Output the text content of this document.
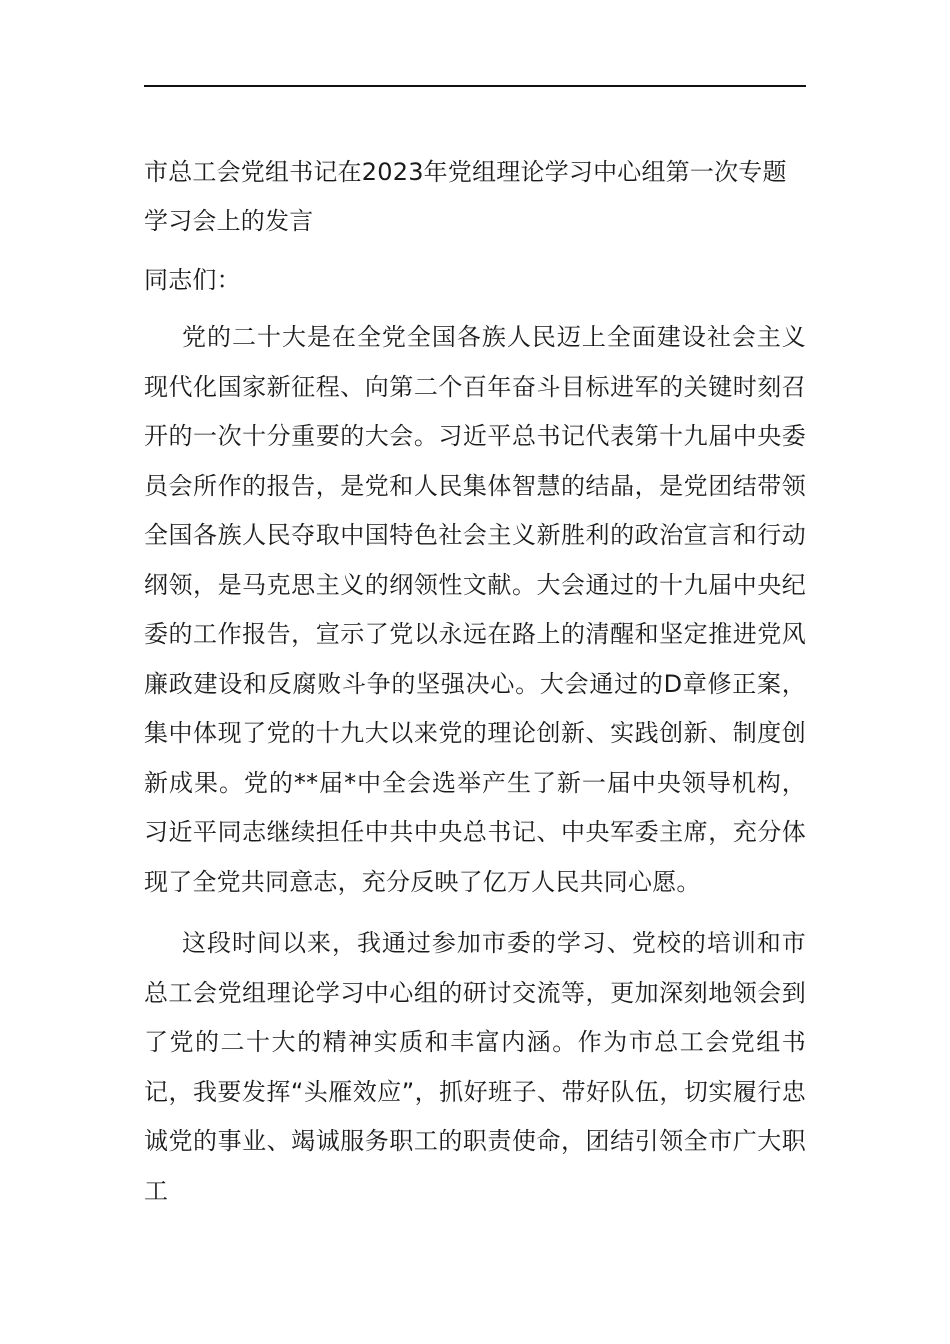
市总工会党组书记在2023年党组理论学习中心组第一次专题学习会上的发言

同志们：

党的二十大是在全党全国各族人民迈上全面建设社会主义现代化国家新征程、向第二个百年奋斗目标进军的关键时刻召开的一次十分重要的大会。习近平总书记代表第十九届中央委员会所作的报告，是党和人民集体智慧的结晶，是党团结带领全国各族人民夺取中国特色社会主义新胜利的政治宣言和行动纲领，是马克思主义的纲领性文献。大会通过的十九届中央纪委的工作报告，宣示了党以永远在路上的清醒和坚定推进党风廉政建设和反腐败斗争的坚强决心。大会通过的D章修正案，集中体现了党的十九大以来党的理论创新、实践创新、制度创新成果。党的**届*中全会选举产生了新一届中央领导机构，习近平同志继续担任中共中央总书记、中央军委主席，充分体现了全党共同意志，充分反映了亿万人民共同心愿。

这段时间以来，我通过参加市委的学习、党校的培训和市总工会党组理论学习中心组的研讨交流等，更加深刻地领会到了党的二十大的精神实质和丰富内涵。作为市总工会党组书记，我要发挥“头雁效应”，抓好班子、带好队伍，切实履行忠诚党的事业、竭诚服务职工的职责使命，团结引领全市广大职工
